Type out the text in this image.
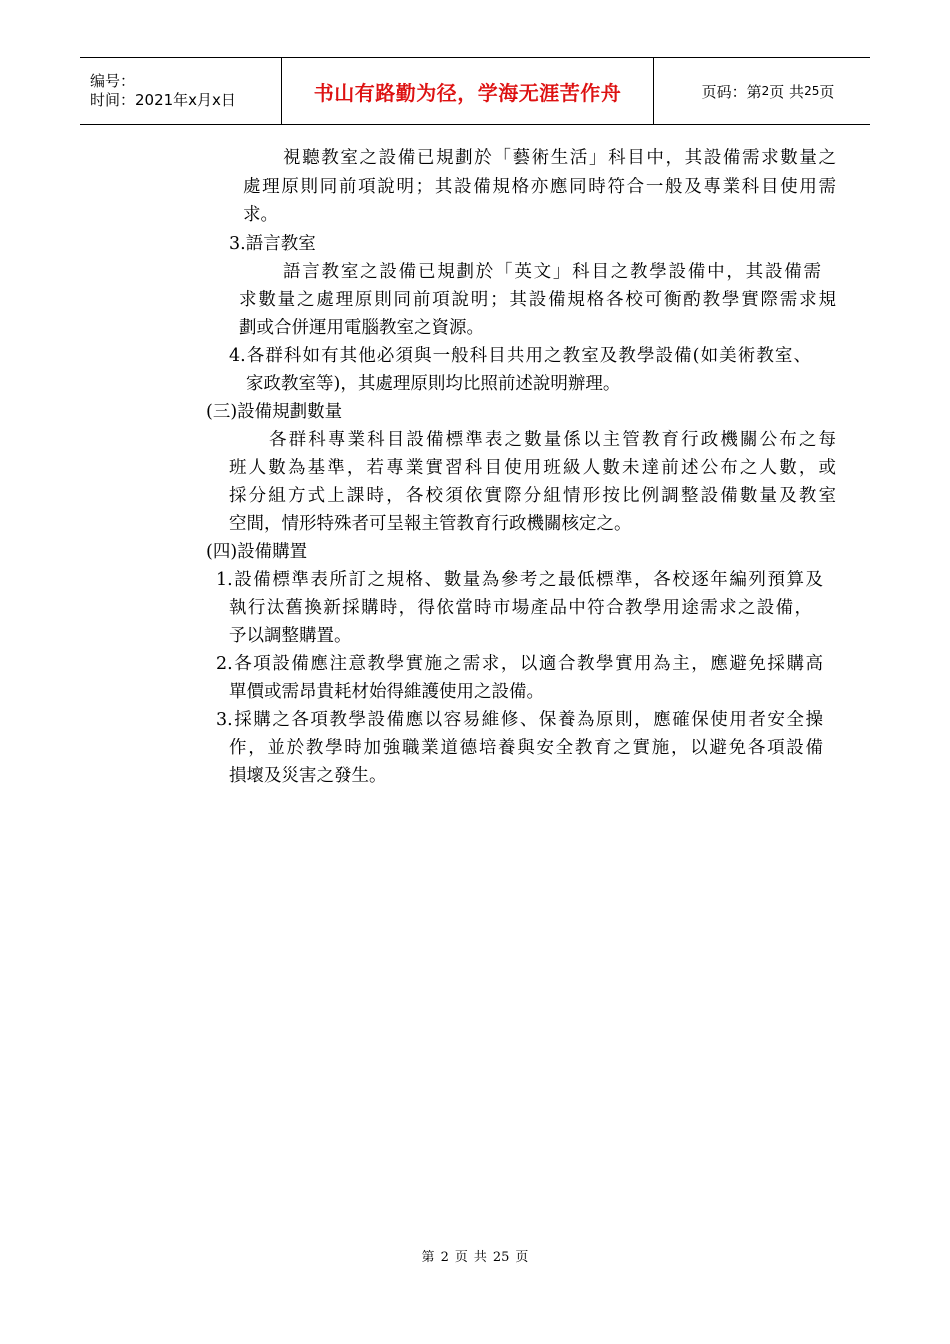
编号：
时间：2021年x月x日	书山有路勤为径，学海无涯苦作舟	页码：第 2 页 共 25 页
視聽教室之設備已規劃於「藝術生活」科目中，其設備需求數量之
處理原則同前項說明；其設備規格亦應同時符合一般及專業科目使用需
求。
3.語言教室
語言教室之設備已規劃於「英文」科目之教學設備中，其設備需
求數量之處理原則同前項說明；其設備規格各校可衡酌教學實際需求規
劃或合併運用電腦教室之資源。
4.各群科如有其他必須與一般科目共用之教室及教學設備(如美術教室、
家政教室等)，其處理原則均比照前述說明辦理。
(三)設備規劃數量
各群科專業科目設備標準表之數量係以主管教育行政機關公布之每
班人數為基準，若專業實習科目使用班級人數未達前述公布之人數，或
採分組方式上課時，各校須依實際分組情形按比例調整設備數量及教室
空間，情形特殊者可呈報主管教育行政機關核定之。
(四)設備購置
1.設備標準表所訂之規格、數量為參考之最低標準，各校逐年編列預算及
執行汰舊換新採購時，得依當時市場產品中符合教學用途需求之設備，
予以調整購置。
2.各項設備應注意教學實施之需求，以適合教學實用為主，應避免採購高
單價或需昂貴耗材始得維護使用之設備。
3.採購之各項教學設備應以容易維修、保養為原則，應確保使用者安全操
作，並於教學時加強職業道德培養與安全教育之實施，以避免各項設備
損壞及災害之發生。
第 2 页 共 25 页
